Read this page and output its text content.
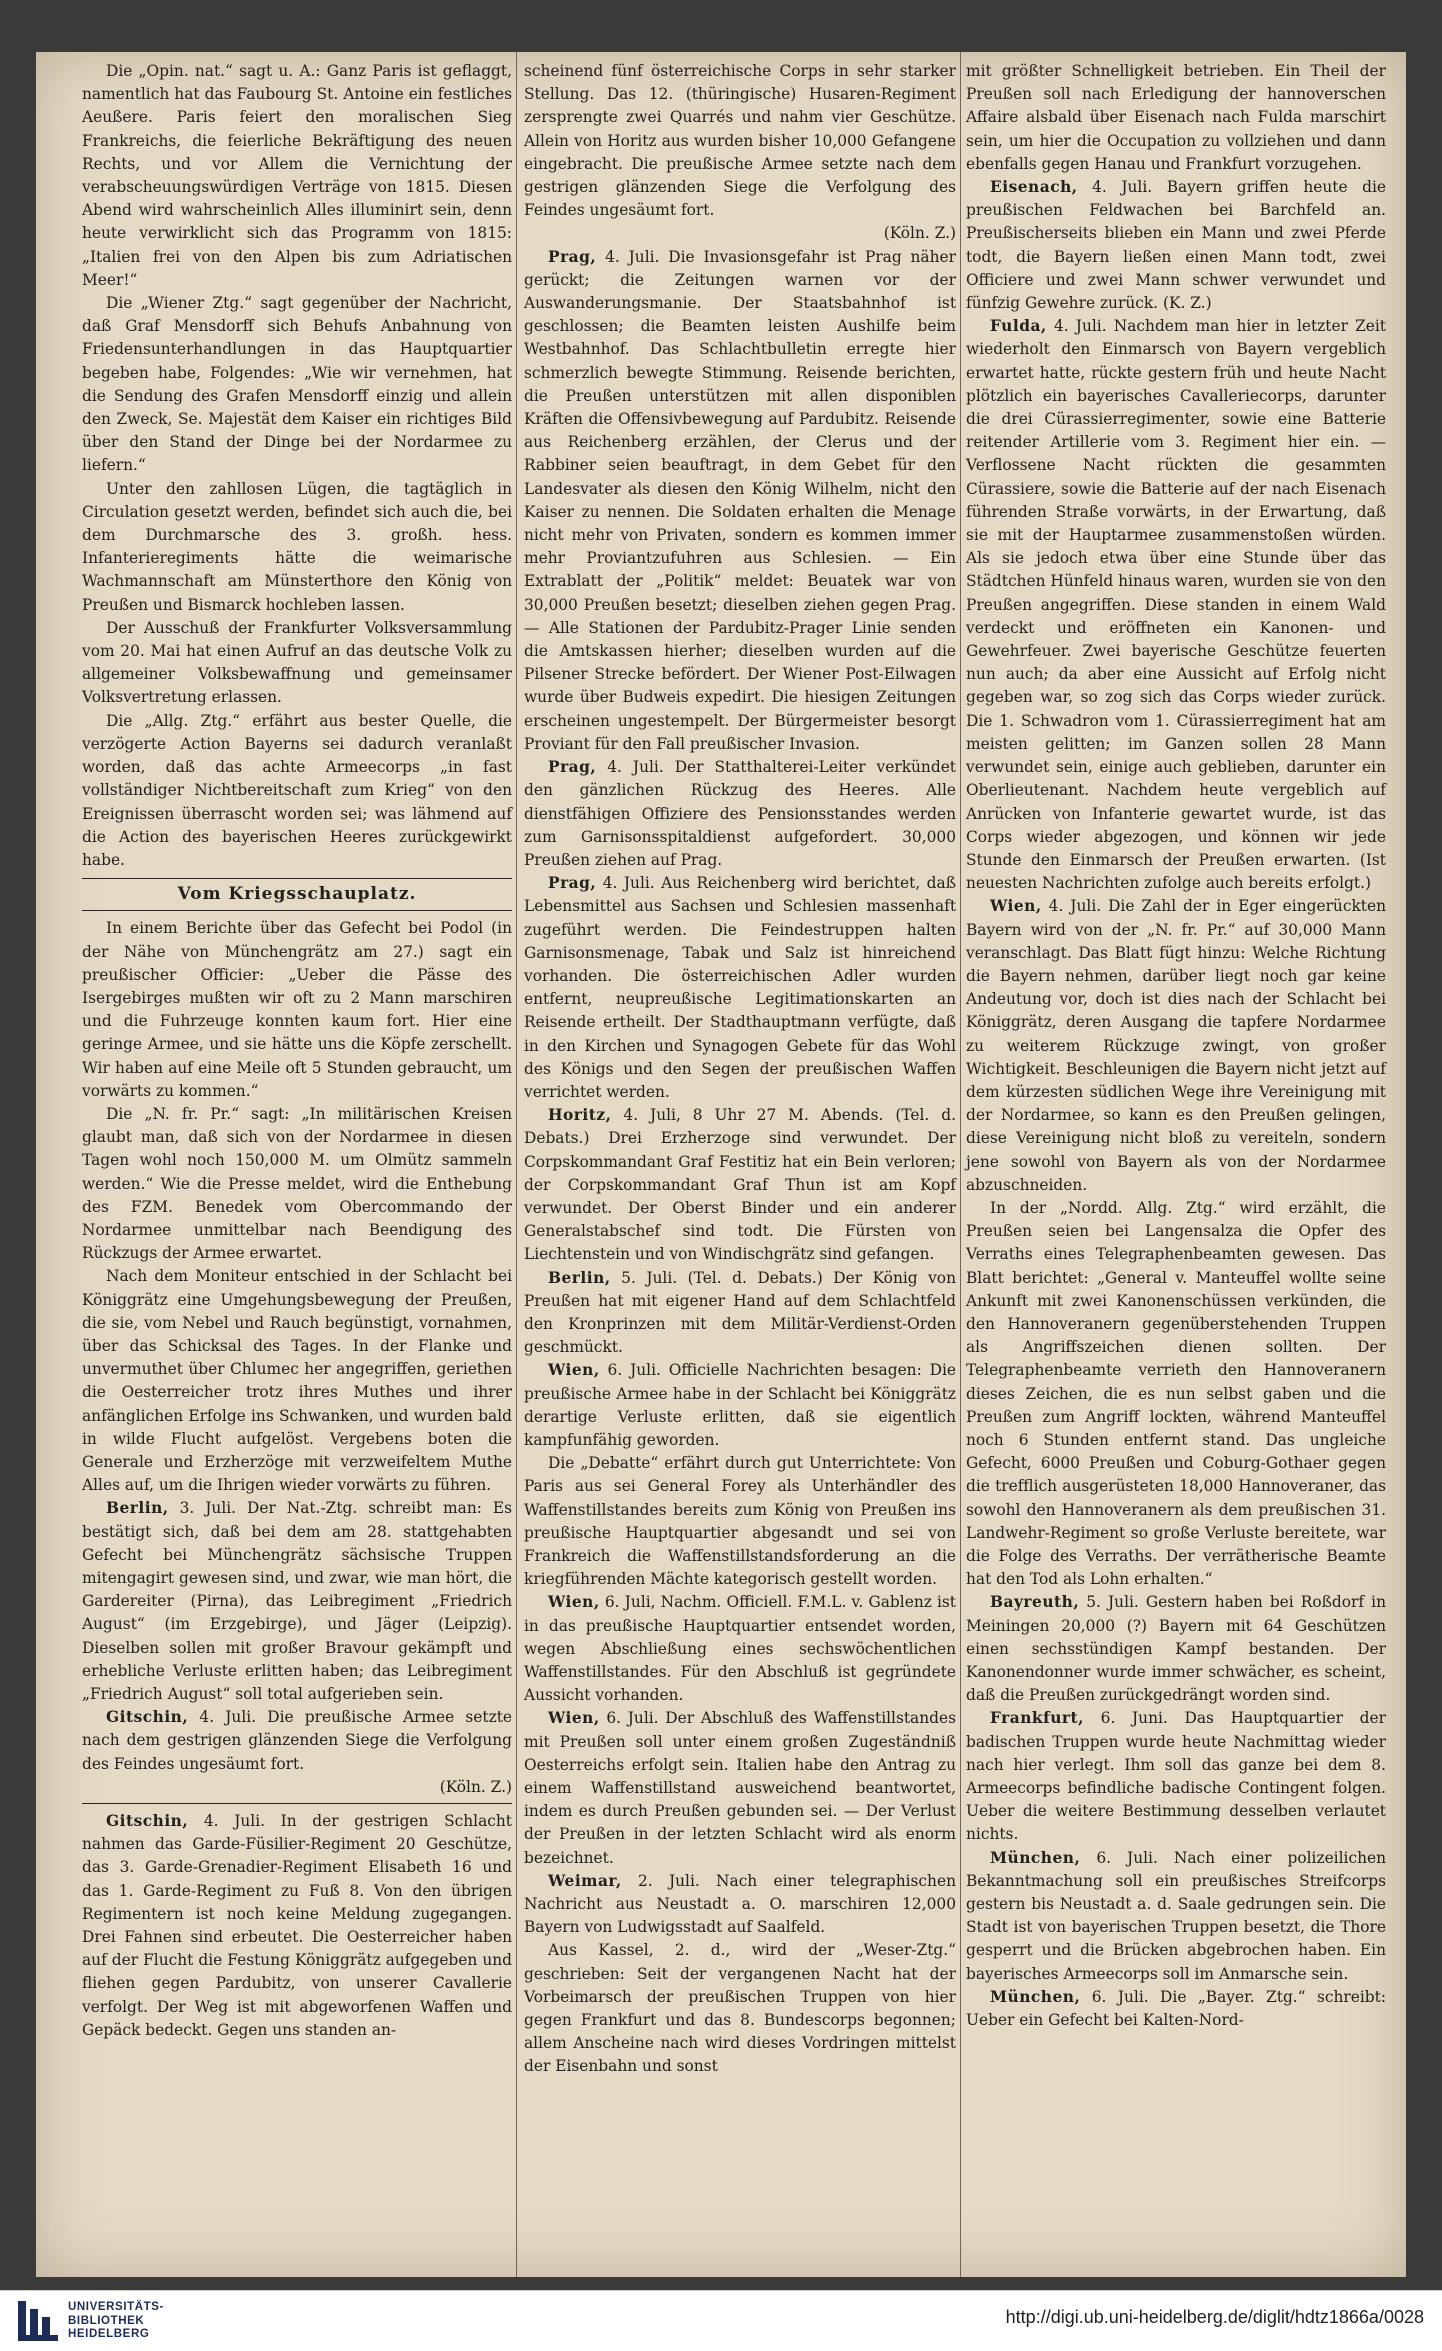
Die „Opin. nat.“ sagt u. A.: Ganz Paris ist geflaggt, namentlich hat das Faubourg St. Antoine ein festliches Aeußere. Paris feiert den moralischen Sieg Frankreichs, die feierliche Bekräftigung des neuen Rechts, und vor Allem die Vernichtung der verabscheuungswürdigen Verträge von 1815. Diesen Abend wird wahrscheinlich Alles illuminirt sein, denn heute verwirklicht sich das Programm von 1815: „Italien frei von den Alpen bis zum Adriatischen Meer!“

Die „Wiener Ztg.“ sagt gegenüber der Nachricht, daß Graf Mensdorff sich Behufs Anbahnung von Friedensunterhandlungen in das Hauptquartier begeben habe, Folgendes: „Wie wir vernehmen, hat die Sendung des Grafen Mensdorff einzig und allein den Zweck, Se. Majestät dem Kaiser ein richtiges Bild über den Stand der Dinge bei der Nordarmee zu liefern.“

Unter den zahllosen Lügen, die tagtäglich in Circulation gesetzt werden, befindet sich auch die, bei dem Durchmarsche des 3. großh. hess. Infanterieregiments hätte die weimarische Wachmannschaft am Münsterthore den König von Preußen und Bismarck hochleben lassen.

Der Ausschuß der Frankfurter Volksversammlung vom 20. Mai hat einen Aufruf an das deutsche Volk zu allgemeiner Volksbewaffnung und gemeinsamer Volksvertretung erlassen.

Die „Allg. Ztg.“ erfährt aus bester Quelle, die verzögerte Action Bayerns sei dadurch veranlaßt worden, daß das achte Armeecorps „in fast vollständiger Nichtbereitschaft zum Krieg“ von den Ereignissen überrascht worden sei; was lähmend auf die Action des bayerischen Heeres zurückgewirkt habe.

Vom Kriegsschauplatz.

In einem Berichte über das Gefecht bei Podol (in der Nähe von Münchengrätz am 27.) sagt ein preußischer Officier: „Ueber die Pässe des Isergebirges mußten wir oft zu 2 Mann marschiren und die Fuhrzeuge konnten kaum fort. Hier eine geringe Armee, und sie hätte uns die Köpfe zerschellt. Wir haben auf eine Meile oft 5 Stunden gebraucht, um vorwärts zu kommen.“

Die „N. fr. Pr.“ sagt: „In militärischen Kreisen glaubt man, daß sich von der Nordarmee in diesen Tagen wohl noch 150,000 M. um Olmütz sammeln werden.“ Wie die Presse meldet, wird die Enthebung des FZM. Benedek vom Obercommando der Nordarmee unmittelbar nach Beendigung des Rückzugs der Armee erwartet.

Nach dem Moniteur entschied in der Schlacht bei Königgrätz eine Umgehungsbewegung der Preußen, die sie, vom Nebel und Rauch begünstigt, vornahmen, über das Schicksal des Tages. In der Flanke und unvermuthet über Chlumec her angegriffen, geriethen die Oesterreicher trotz ihres Muthes und ihrer anfänglichen Erfolge ins Schwanken, und wurden bald in wilde Flucht aufgelöst. Vergebens boten die Generale und Erzherzöge mit verzweifeltem Muthe Alles auf, um die Ihrigen wieder vorwärts zu führen.

Berlin, 3. Juli. Der Nat.-Ztg. schreibt man: Es bestätigt sich, daß bei dem am 28. stattgehabten Gefecht bei Münchengrätz sächsische Truppen mitengagirt gewesen sind, und zwar, wie man hört, die Gardereiter (Pirna), das Leibregiment „Friedrich August“ (im Erzgebirge), und Jäger (Leipzig). Dieselben sollen mit großer Bravour gekämpft und erhebliche Verluste erlitten haben; das Leibregiment „Friedrich August“ soll total aufgerieben sein.

Gitschin, 4. Juli. Die preußische Armee setzte nach dem gestrigen glänzenden Siege die Verfolgung des Feindes ungesäumt fort.

(Köln. Z.)

Gitschin, 4. Juli. In der gestrigen Schlacht nahmen das Garde-Füsilier-Regiment 20 Geschütze, das 3. Garde-Grenadier-Regiment Elisabeth 16 und das 1. Garde-Regiment zu Fuß 8. Von den übrigen Regimentern ist noch keine Meldung zugegangen. Drei Fahnen sind erbeutet. Die Oesterreicher haben auf der Flucht die Festung Königgrätz aufgegeben und fliehen gegen Pardubitz, von unserer Cavallerie verfolgt. Der Weg ist mit abgeworfenen Waffen und Gepäck bedeckt. Gegen uns standen an-

scheinend fünf österreichische Corps in sehr starker Stellung. Das 12. (thüringische) Husaren-Regiment zersprengte zwei Quarrés und nahm vier Geschütze. Allein von Horitz aus wurden bisher 10,000 Gefangene eingebracht. Die preußische Armee setzte nach dem gestrigen glänzenden Siege die Verfolgung des Feindes ungesäumt fort.

(Köln. Z.)

Prag, 4. Juli. Die Invasionsgefahr ist Prag näher gerückt; die Zeitungen warnen vor der Auswanderungsmanie. Der Staatsbahnhof ist geschlossen; die Beamten leisten Aushilfe beim Westbahnhof. Das Schlachtbulletin erregte hier schmerzlich bewegte Stimmung. Reisende berichten, die Preußen unterstützen mit allen disponiblen Kräften die Offensivbewegung auf Pardubitz. Reisende aus Reichenberg erzählen, der Clerus und der Rabbiner seien beauftragt, in dem Gebet für den Landesvater als diesen den König Wilhelm, nicht den Kaiser zu nennen. Die Soldaten erhalten die Menage nicht mehr von Privaten, sondern es kommen immer mehr Proviantzufuhren aus Schlesien. — Ein Extrablatt der „Politik“ meldet: Beuatek war von 30,000 Preußen besetzt; dieselben ziehen gegen Prag. — Alle Stationen der Pardubitz-Prager Linie senden die Amtskassen hierher; dieselben wurden auf die Pilsener Strecke befördert. Der Wiener Post-Eilwagen wurde über Budweis expedirt. Die hiesigen Zeitungen erscheinen ungestempelt. Der Bürgermeister besorgt Proviant für den Fall preußischer Invasion.

Prag, 4. Juli. Der Statthalterei-Leiter verkündet den gänzlichen Rückzug des Heeres. Alle dienstfähigen Offiziere des Pensionsstandes werden zum Garnisonsspitaldienst aufgefordert. 30,000 Preußen ziehen auf Prag.

Prag, 4. Juli. Aus Reichenberg wird berichtet, daß Lebensmittel aus Sachsen und Schlesien massenhaft zugeführt werden. Die Feindestruppen halten Garnisonsmenage, Tabak und Salz ist hinreichend vorhanden. Die österreichischen Adler wurden entfernt, neupreußische Legitimationskarten an Reisende ertheilt. Der Stadthauptmann verfügte, daß in den Kirchen und Synagogen Gebete für das Wohl des Königs und den Segen der preußischen Waffen verrichtet werden.

Horitz, 4. Juli, 8 Uhr 27 M. Abends. (Tel. d. Debats.) Drei Erzherzoge sind verwundet. Der Corpskommandant Graf Festitiz hat ein Bein verloren; der Corpskommandant Graf Thun ist am Kopf verwundet. Der Oberst Binder und ein anderer Generalstabschef sind todt. Die Fürsten von Liechtenstein und von Windischgrätz sind gefangen.

Berlin, 5. Juli. (Tel. d. Debats.) Der König von Preußen hat mit eigener Hand auf dem Schlachtfeld den Kronprinzen mit dem Militär-Verdienst-Orden geschmückt.

Wien, 6. Juli. Officielle Nachrichten besagen: Die preußische Armee habe in der Schlacht bei Königgrätz derartige Verluste erlitten, daß sie eigentlich kampfunfähig geworden.

Die „Debatte“ erfährt durch gut Unterrichtete: Von Paris aus sei General Forey als Unterhändler des Waffenstillstandes bereits zum König von Preußen ins preußische Hauptquartier abgesandt und sei von Frankreich die Waffenstillstandsforderung an die kriegführenden Mächte kategorisch gestellt worden.

Wien, 6. Juli, Nachm. Officiell. F.M.L. v. Gablenz ist in das preußische Hauptquartier entsendet worden, wegen Abschließung eines sechswöchentlichen Waffenstillstandes. Für den Abschluß ist gegründete Aussicht vorhanden.

Wien, 6. Juli. Der Abschluß des Waffenstillstandes mit Preußen soll unter einem großen Zugeständniß Oesterreichs erfolgt sein. Italien habe den Antrag zu einem Waffenstillstand ausweichend beantwortet, indem es durch Preußen gebunden sei. — Der Verlust der Preußen in der letzten Schlacht wird als enorm bezeichnet.

Weimar, 2. Juli. Nach einer telegraphischen Nachricht aus Neustadt a. O. marschiren 12,000 Bayern von Ludwigsstadt auf Saalfeld.

Aus Kassel, 2. d., wird der „Weser-Ztg.“ geschrieben: Seit der vergangenen Nacht hat der Vorbeimarsch der preußischen Truppen von hier gegen Frankfurt und das 8. Bundescorps begonnen; allem Anscheine nach wird dieses Vordringen mittelst der Eisenbahn und sonst

mit größter Schnelligkeit betrieben. Ein Theil der Preußen soll nach Erledigung der hannoverschen Affaire alsbald über Eisenach nach Fulda marschirt sein, um hier die Occupation zu vollziehen und dann ebenfalls gegen Hanau und Frankfurt vorzugehen.

Eisenach, 4. Juli. Bayern griffen heute die preußischen Feldwachen bei Barchfeld an. Preußischerseits blieben ein Mann und zwei Pferde todt, die Bayern ließen einen Mann todt, zwei Officiere und zwei Mann schwer verwundet und fünfzig Gewehre zurück. (K. Z.)

Fulda, 4. Juli. Nachdem man hier in letzter Zeit wiederholt den Einmarsch von Bayern vergeblich erwartet hatte, rückte gestern früh und heute Nacht plötzlich ein bayerisches Cavalleriecorps, darunter die drei Cürassierregimenter, sowie eine Batterie reitender Artillerie vom 3. Regiment hier ein. — Verflossene Nacht rückten die gesammten Cürassiere, sowie die Batterie auf der nach Eisenach führenden Straße vorwärts, in der Erwartung, daß sie mit der Hauptarmee zusammenstoßen würden. Als sie jedoch etwa über eine Stunde über das Städtchen Hünfeld hinaus waren, wurden sie von den Preußen angegriffen. Diese standen in einem Wald verdeckt und eröffneten ein Kanonen- und Gewehrfeuer. Zwei bayerische Geschütze feuerten nun auch; da aber eine Aussicht auf Erfolg nicht gegeben war, so zog sich das Corps wieder zurück. Die 1. Schwadron vom 1. Cürassierregiment hat am meisten gelitten; im Ganzen sollen 28 Mann verwundet sein, einige auch geblieben, darunter ein Oberlieutenant. Nachdem heute vergeblich auf Anrücken von Infanterie gewartet wurde, ist das Corps wieder abgezogen, und können wir jede Stunde den Einmarsch der Preußen erwarten. (Ist neuesten Nachrichten zufolge auch bereits erfolgt.)

Wien, 4. Juli. Die Zahl der in Eger eingerückten Bayern wird von der „N. fr. Pr.“ auf 30,000 Mann veranschlagt. Das Blatt fügt hinzu: Welche Richtung die Bayern nehmen, darüber liegt noch gar keine Andeutung vor, doch ist dies nach der Schlacht bei Königgrätz, deren Ausgang die tapfere Nordarmee zu weiterem Rückzuge zwingt, von großer Wichtigkeit. Beschleunigen die Bayern nicht jetzt auf dem kürzesten südlichen Wege ihre Vereinigung mit der Nordarmee, so kann es den Preußen gelingen, diese Vereinigung nicht bloß zu vereiteln, sondern jene sowohl von Bayern als von der Nordarmee abzuschneiden.

In der „Nordd. Allg. Ztg.“ wird erzählt, die Preußen seien bei Langensalza die Opfer des Verraths eines Telegraphenbeamten gewesen. Das Blatt berichtet: „General v. Manteuffel wollte seine Ankunft mit zwei Kanonenschüssen verkünden, die den Hannoveranern gegenüberstehenden Truppen als Angriffszeichen dienen sollten. Der Telegraphenbeamte verrieth den Hannoveranern dieses Zeichen, die es nun selbst gaben und die Preußen zum Angriff lockten, während Manteuffel noch 6 Stunden entfernt stand. Das ungleiche Gefecht, 6000 Preußen und Coburg-Gothaer gegen die trefflich ausgerüsteten 18,000 Hannoveraner, das sowohl den Hannoveranern als dem preußischen 31. Landwehr-Regiment so große Verluste bereitete, war die Folge des Verraths. Der verrätherische Beamte hat den Tod als Lohn erhalten.“

Bayreuth, 5. Juli. Gestern haben bei Roßdorf in Meiningen 20,000 (?) Bayern mit 64 Geschützen einen sechsstündigen Kampf bestanden. Der Kanonendonner wurde immer schwächer, es scheint, daß die Preußen zurückgedrängt worden sind.

Frankfurt, 6. Juni. Das Hauptquartier der badischen Truppen wurde heute Nachmittag wieder nach hier verlegt. Ihm soll das ganze bei dem 8. Armeecorps befindliche badische Contingent folgen. Ueber die weitere Bestimmung desselben verlautet nichts.

München, 6. Juli. Nach einer polizeilichen Bekanntmachung soll ein preußisches Streifcorps gestern bis Neustadt a. d. Saale gedrungen sein. Die Stadt ist von bayerischen Truppen besetzt, die Thore gesperrt und die Brücken abgebrochen haben. Ein bayerisches Armeecorps soll im Anmarsche sein.

München, 6. Juli. Die „Bayer. Ztg.“ schreibt: Ueber ein Gefecht bei Kalten-Nord-

UNIVERSITÄTS-
BIBLIOTHEK
HEIDELBERG
http://digi.ub.uni-heidelberg.de/diglit/hdtz1866a/0028
